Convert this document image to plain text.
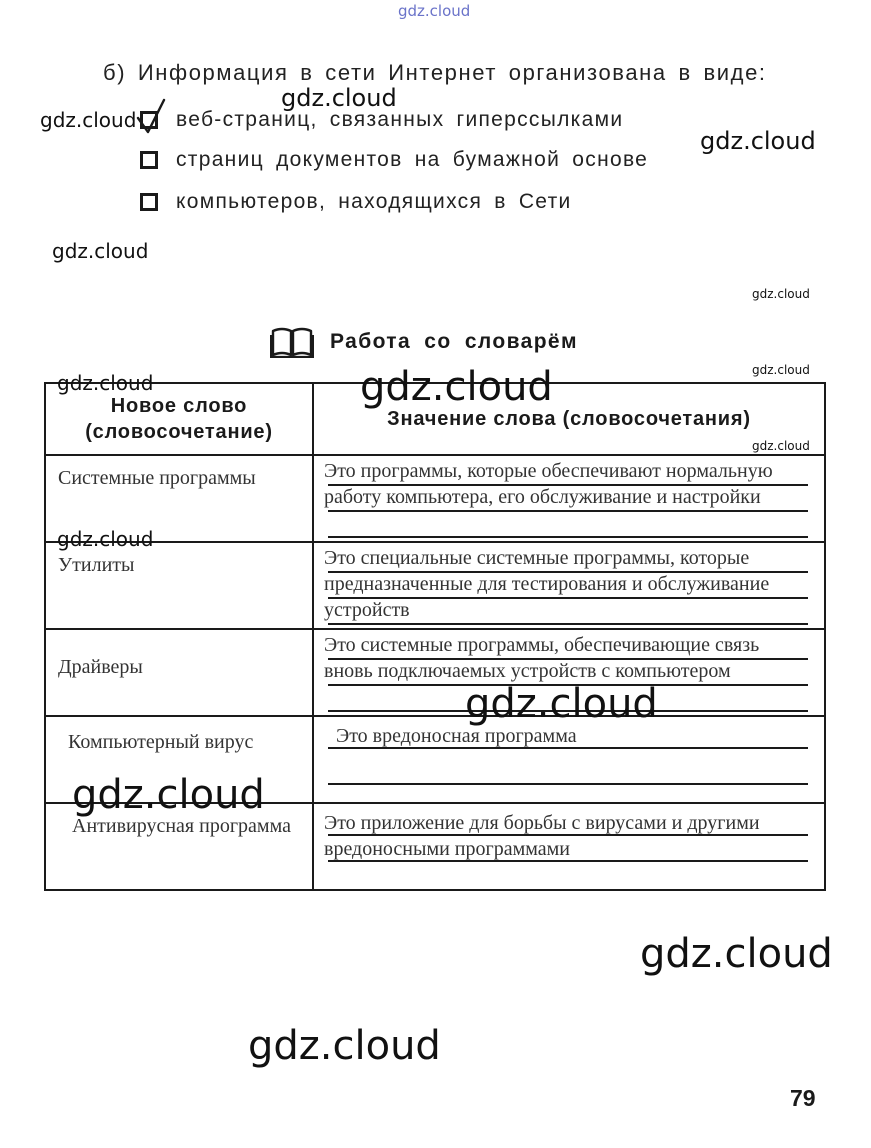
gdz.cloud
gdz.cloud
gdz.cloud
gdz.cloud
gdz.cloud
gdz.cloud
gdz.cloud
gdz.cloud
б) Информация в сети Интернет организована в виде:
веб-страниц, связанных гиперссылками
страниц документов на бумажной основе
компьютеров, находящихся в Сети
Работа со словарём
Новое слово (словосочетание)	Значение слова (словосочетания)

Системные программы	Это программы, которые обеспечивают нормальную работу компьютера, его обслуживание и настройки

Утилиты	Это специальные системные программы, которые предназначенные для тестирования и обслуживание устройств

Драйверы	Это системные программы, обеспечивающие связь вновь подключаемых устройств с компьютером

Компьютерный вирус	Это вредоносная программа

Антивирусная программа	Это приложение для борьбы с вирусами и другими вредоносными программами
gdz.cloud	gdz.cloud
gdz.cloud
gdz.cloud
gdz.cloud
gdz.cloud
gdz.cloud
79
